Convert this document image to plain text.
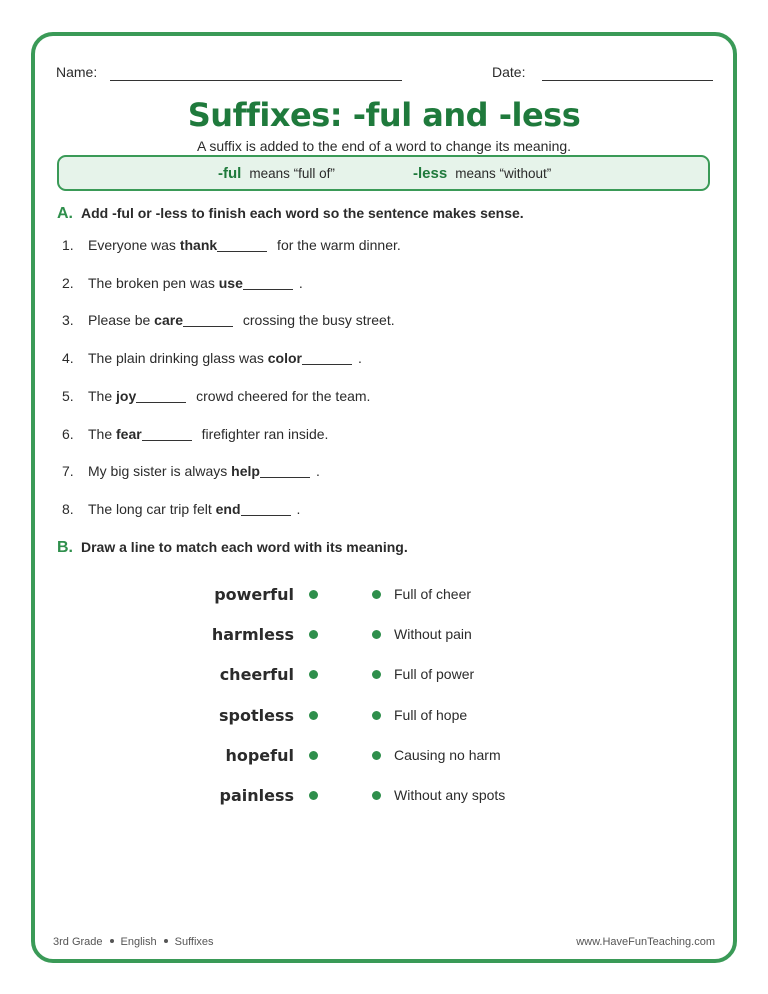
Name:	Date:
Suffixes: -ful and -less
A suffix is added to the end of a word to change its meaning.
-ful means “full of”	-less means “without”
A. Add -ful or -less to finish each word so the sentence makes sense.
1. Everyone was thank	for the warm dinner.
2. The broken pen was use	.
3. Please be care	crossing the busy street.
4. The plain drinking glass was color	.
5. The joy	crowd cheered for the team.
6. The fear	firefighter ran inside.
7. My big sister is always help	.
8. The long car trip felt end	.
B. Draw a line to match each word with its meaning.
powerful	Full of cheer
harmless	Without pain
cheerful	Full of power
spotless	Full of hope
hopeful	Causing no harm
painless	Without any spots
3rd Grade English Suffixes	www.HaveFunTeaching.com
